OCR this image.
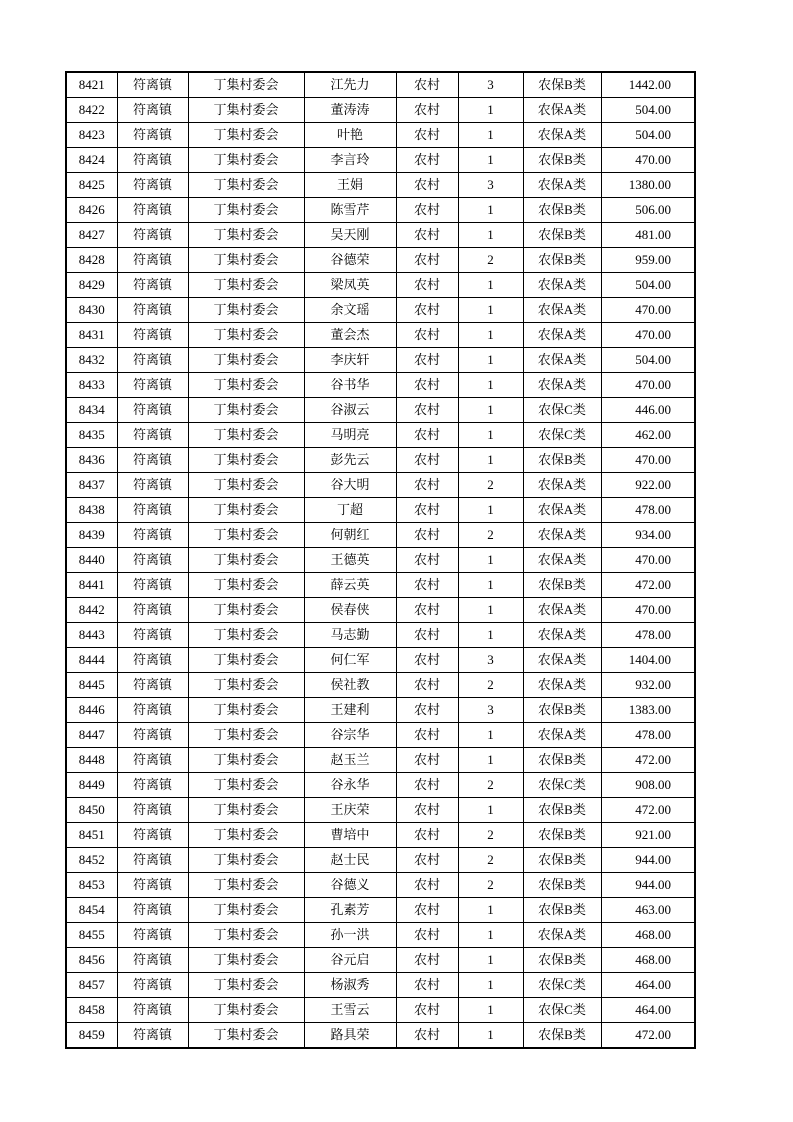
8421	符离镇	丁集村委会	江先力	农村	3	农保B类	1442.00
8422	符离镇	丁集村委会	董涛涛	农村	1	农保A类	504.00
8423	符离镇	丁集村委会	叶艳	农村	1	农保A类	504.00
8424	符离镇	丁集村委会	李言玲	农村	1	农保B类	470.00
8425	符离镇	丁集村委会	王娟	农村	3	农保A类	1380.00
8426	符离镇	丁集村委会	陈雪芹	农村	1	农保B类	506.00
8427	符离镇	丁集村委会	吴天刚	农村	1	农保B类	481.00
8428	符离镇	丁集村委会	谷德荣	农村	2	农保B类	959.00
8429	符离镇	丁集村委会	梁凤英	农村	1	农保A类	504.00
8430	符离镇	丁集村委会	余文瑶	农村	1	农保A类	470.00
8431	符离镇	丁集村委会	董会杰	农村	1	农保A类	470.00
8432	符离镇	丁集村委会	李庆轩	农村	1	农保A类	504.00
8433	符离镇	丁集村委会	谷书华	农村	1	农保A类	470.00
8434	符离镇	丁集村委会	谷淑云	农村	1	农保C类	446.00
8435	符离镇	丁集村委会	马明亮	农村	1	农保C类	462.00
8436	符离镇	丁集村委会	彭先云	农村	1	农保B类	470.00
8437	符离镇	丁集村委会	谷大明	农村	2	农保A类	922.00
8438	符离镇	丁集村委会	丁超	农村	1	农保A类	478.00
8439	符离镇	丁集村委会	何朝红	农村	2	农保A类	934.00
8440	符离镇	丁集村委会	王德英	农村	1	农保A类	470.00
8441	符离镇	丁集村委会	薛云英	农村	1	农保B类	472.00
8442	符离镇	丁集村委会	侯春侠	农村	1	农保A类	470.00
8443	符离镇	丁集村委会	马志勤	农村	1	农保A类	478.00
8444	符离镇	丁集村委会	何仁军	农村	3	农保A类	1404.00
8445	符离镇	丁集村委会	侯社教	农村	2	农保A类	932.00
8446	符离镇	丁集村委会	王建利	农村	3	农保B类	1383.00
8447	符离镇	丁集村委会	谷宗华	农村	1	农保A类	478.00
8448	符离镇	丁集村委会	赵玉兰	农村	1	农保B类	472.00
8449	符离镇	丁集村委会	谷永华	农村	2	农保C类	908.00
8450	符离镇	丁集村委会	王庆荣	农村	1	农保B类	472.00
8451	符离镇	丁集村委会	曹培中	农村	2	农保B类	921.00
8452	符离镇	丁集村委会	赵士民	农村	2	农保B类	944.00
8453	符离镇	丁集村委会	谷德义	农村	2	农保B类	944.00
8454	符离镇	丁集村委会	孔素芳	农村	1	农保B类	463.00
8455	符离镇	丁集村委会	孙一洪	农村	1	农保A类	468.00
8456	符离镇	丁集村委会	谷元启	农村	1	农保B类	468.00
8457	符离镇	丁集村委会	杨淑秀	农村	1	农保C类	464.00
8458	符离镇	丁集村委会	王雪云	农村	1	农保C类	464.00
8459	符离镇	丁集村委会	路具荣	农村	1	农保B类	472.00
